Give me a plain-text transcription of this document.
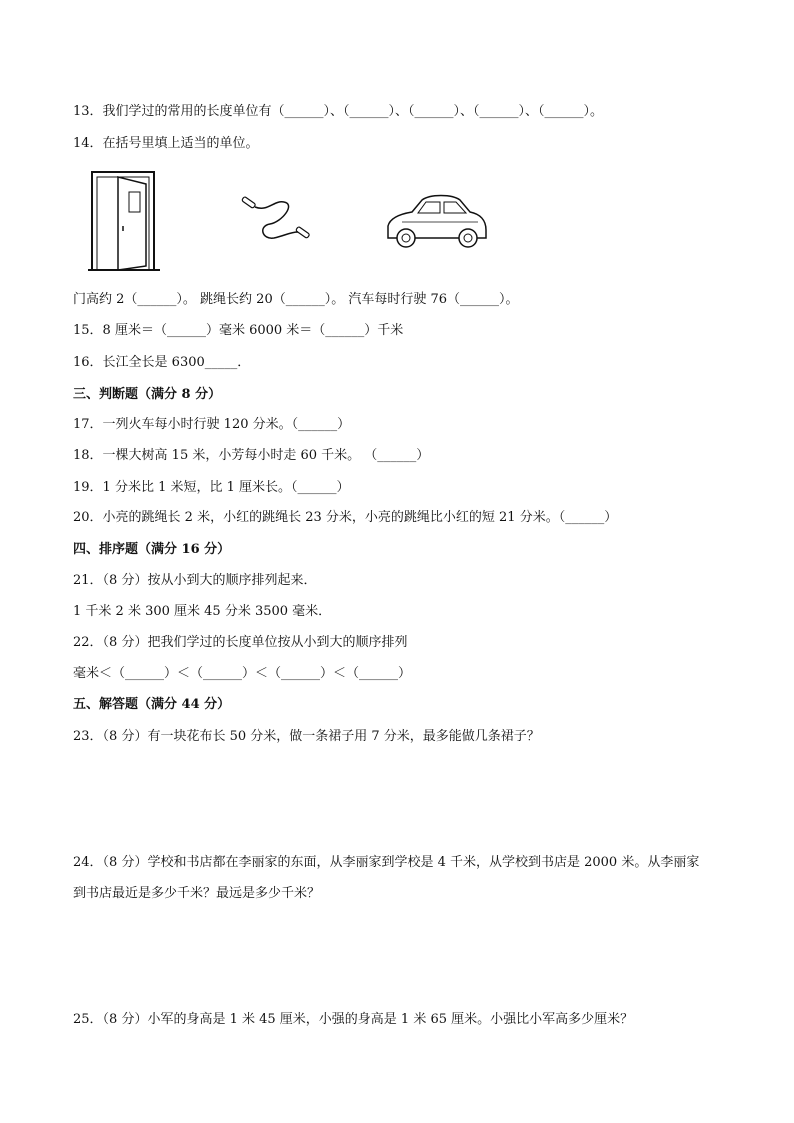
13．我们学过的常用的长度单位有（______）、（______）、（______）、（______）、（______）。
14．在括号里填上适当的单位。
门高约 2（______）。 跳绳长约 20（______）。 汽车每时行驶 76（______）。
15．8 厘米＝（______）毫米 6000 米＝（______）千米
16．长江全长是 6300_____．
三、判断题（满分 8 分）
17．一列火车每小时行驶 120 分米。（______）
18．一棵大树高 15 米，小芳每小时走 60 千米。 （______）
19．1 分米比 1 米短，比 1 厘米长。（______）
20．小亮的跳绳长 2 米，小红的跳绳长 23 分米，小亮的跳绳比小红的短 21 分米。（______）
四、排序题（满分 16 分）
21．（8 分）按从小到大的顺序排列起来．
1 千米 2 米 300 厘米 45 分米 3500 毫米．
22．（8 分）把我们学过的长度单位按从小到大的顺序排列
毫米＜（______）＜（______）＜（______）＜（______）
五、解答题（满分 44 分）
23．（8 分）有一块花布长 50 分米，做一条裙子用 7 分米，最多能做几条裙子？
24．（8 分）学校和书店都在李丽家的东面，从李丽家到学校是 4 千米，从学校到书店是 2000 米。从李丽家
到书店最近是多少千米？最远是多少千米？
25．（8 分）小军的身高是 1 米 45 厘米，小强的身高是 1 米 65 厘米。小强比小军高多少厘米？
